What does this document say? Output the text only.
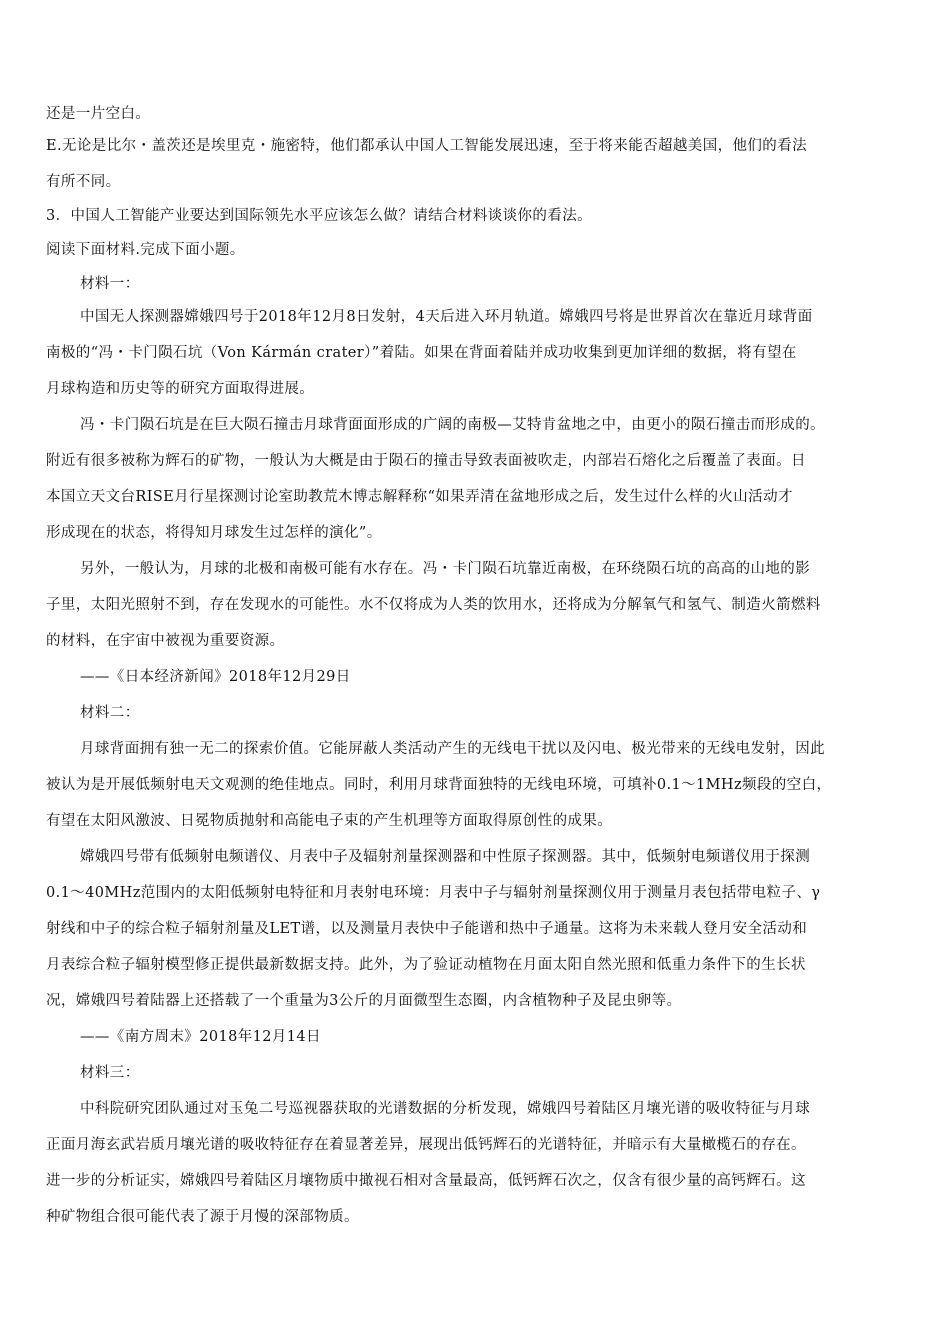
还是一片空白。
E.无论是比尔・盖茨还是埃里克・施密特，他们都承认中国人工智能发展迅速，至于将来能否超越美国，他们的看法
有所不同。
3．中国人工智能产业要达到国际领先水平应该怎么做？请结合材料谈谈你的看法。
阅读下面材料.完成下面小题。
材料一：
中国无人探测器嫦娥四号于2018年12月8日发射，4天后进入环月轨道。嫦娥四号将是世界首次在靠近月球背面
南极的“冯・卡门陨石坑（Von Kármán crater）”着陆。如果在背面着陆并成功收集到更加详细的数据，将有望在
月球构造和历史等的研究方面取得进展。
冯・卡门陨石坑是在巨大陨石撞击月球背面面形成的广阔的南极—艾特肯盆地之中，由更小的陨石撞击而形成的。
附近有很多被称为辉石的矿物，一般认为大概是由于陨石的撞击导致表面被吹走，内部岩石熔化之后覆盖了表面。日
本国立天文台RISE月行星探测讨论室助教荒木博志解释称“如果弄清在盆地形成之后，发生过什么样的火山活动才
形成现在的状态，将得知月球发生过怎样的演化”。
另外，一般认为，月球的北极和南极可能有水存在。冯・卡门陨石坑靠近南极，在环绕陨石坑的高高的山地的影
子里，太阳光照射不到，存在发现水的可能性。水不仅将成为人类的饮用水，还将成为分解氧气和氢气、制造火箭燃料
的材料，在宇宙中被视为重要资源。
——《日本经济新闻》2018年12月29日
材料二：
月球背面拥有独一无二的探索价值。它能屏蔽人类活动产生的无线电干扰以及闪电、极光带来的无线电发射，因此
被认为是开展低频射电天文观测的绝佳地点。同时，利用月球背面独特的无线电环境，可填补0.1～1MHz频段的空白，
有望在太阳风激波、日冕物质抛射和高能电子束的产生机理等方面取得原创性的成果。
嫦娥四号带有低频射电频谱仪、月表中子及辐射剂量探测器和中性原子探测器。其中，低频射电频谱仪用于探测
0.1～40MHz范围内的太阳低频射电特征和月表射电环境：月表中子与辐射剂量探测仪用于测量月表包括带电粒子、γ
射线和中子的综合粒子辐射剂量及LET谱，以及测量月表快中子能谱和热中子通量。这将为未来载人登月安全活动和
月表综合粒子辐射模型修正提供最新数据支持。此外，为了验证动植物在月面太阳自然光照和低重力条件下的生长状
况，嫦娥四号着陆器上还搭载了一个重量为3公斤的月面微型生态圈，内含植物种子及昆虫卵等。
——《南方周末》2018年12月14日
材料三：
中科院研究团队通过对玉兔二号巡视器获取的光谱数据的分析发现，嫦娥四号着陆区月壤光谱的吸收特征与月球
正面月海玄武岩质月壤光谱的吸收特征存在着显著差异，展现出低钙辉石的光谱特征，并暗示有大量橄榄石的存在。
进一步的分析证实，嫦娥四号着陆区月壤物质中撖视石相对含量最高，低钙辉石次之，仅含有很少量的高钙辉石。这
种矿物组合很可能代表了源于月慢的深部物质。
